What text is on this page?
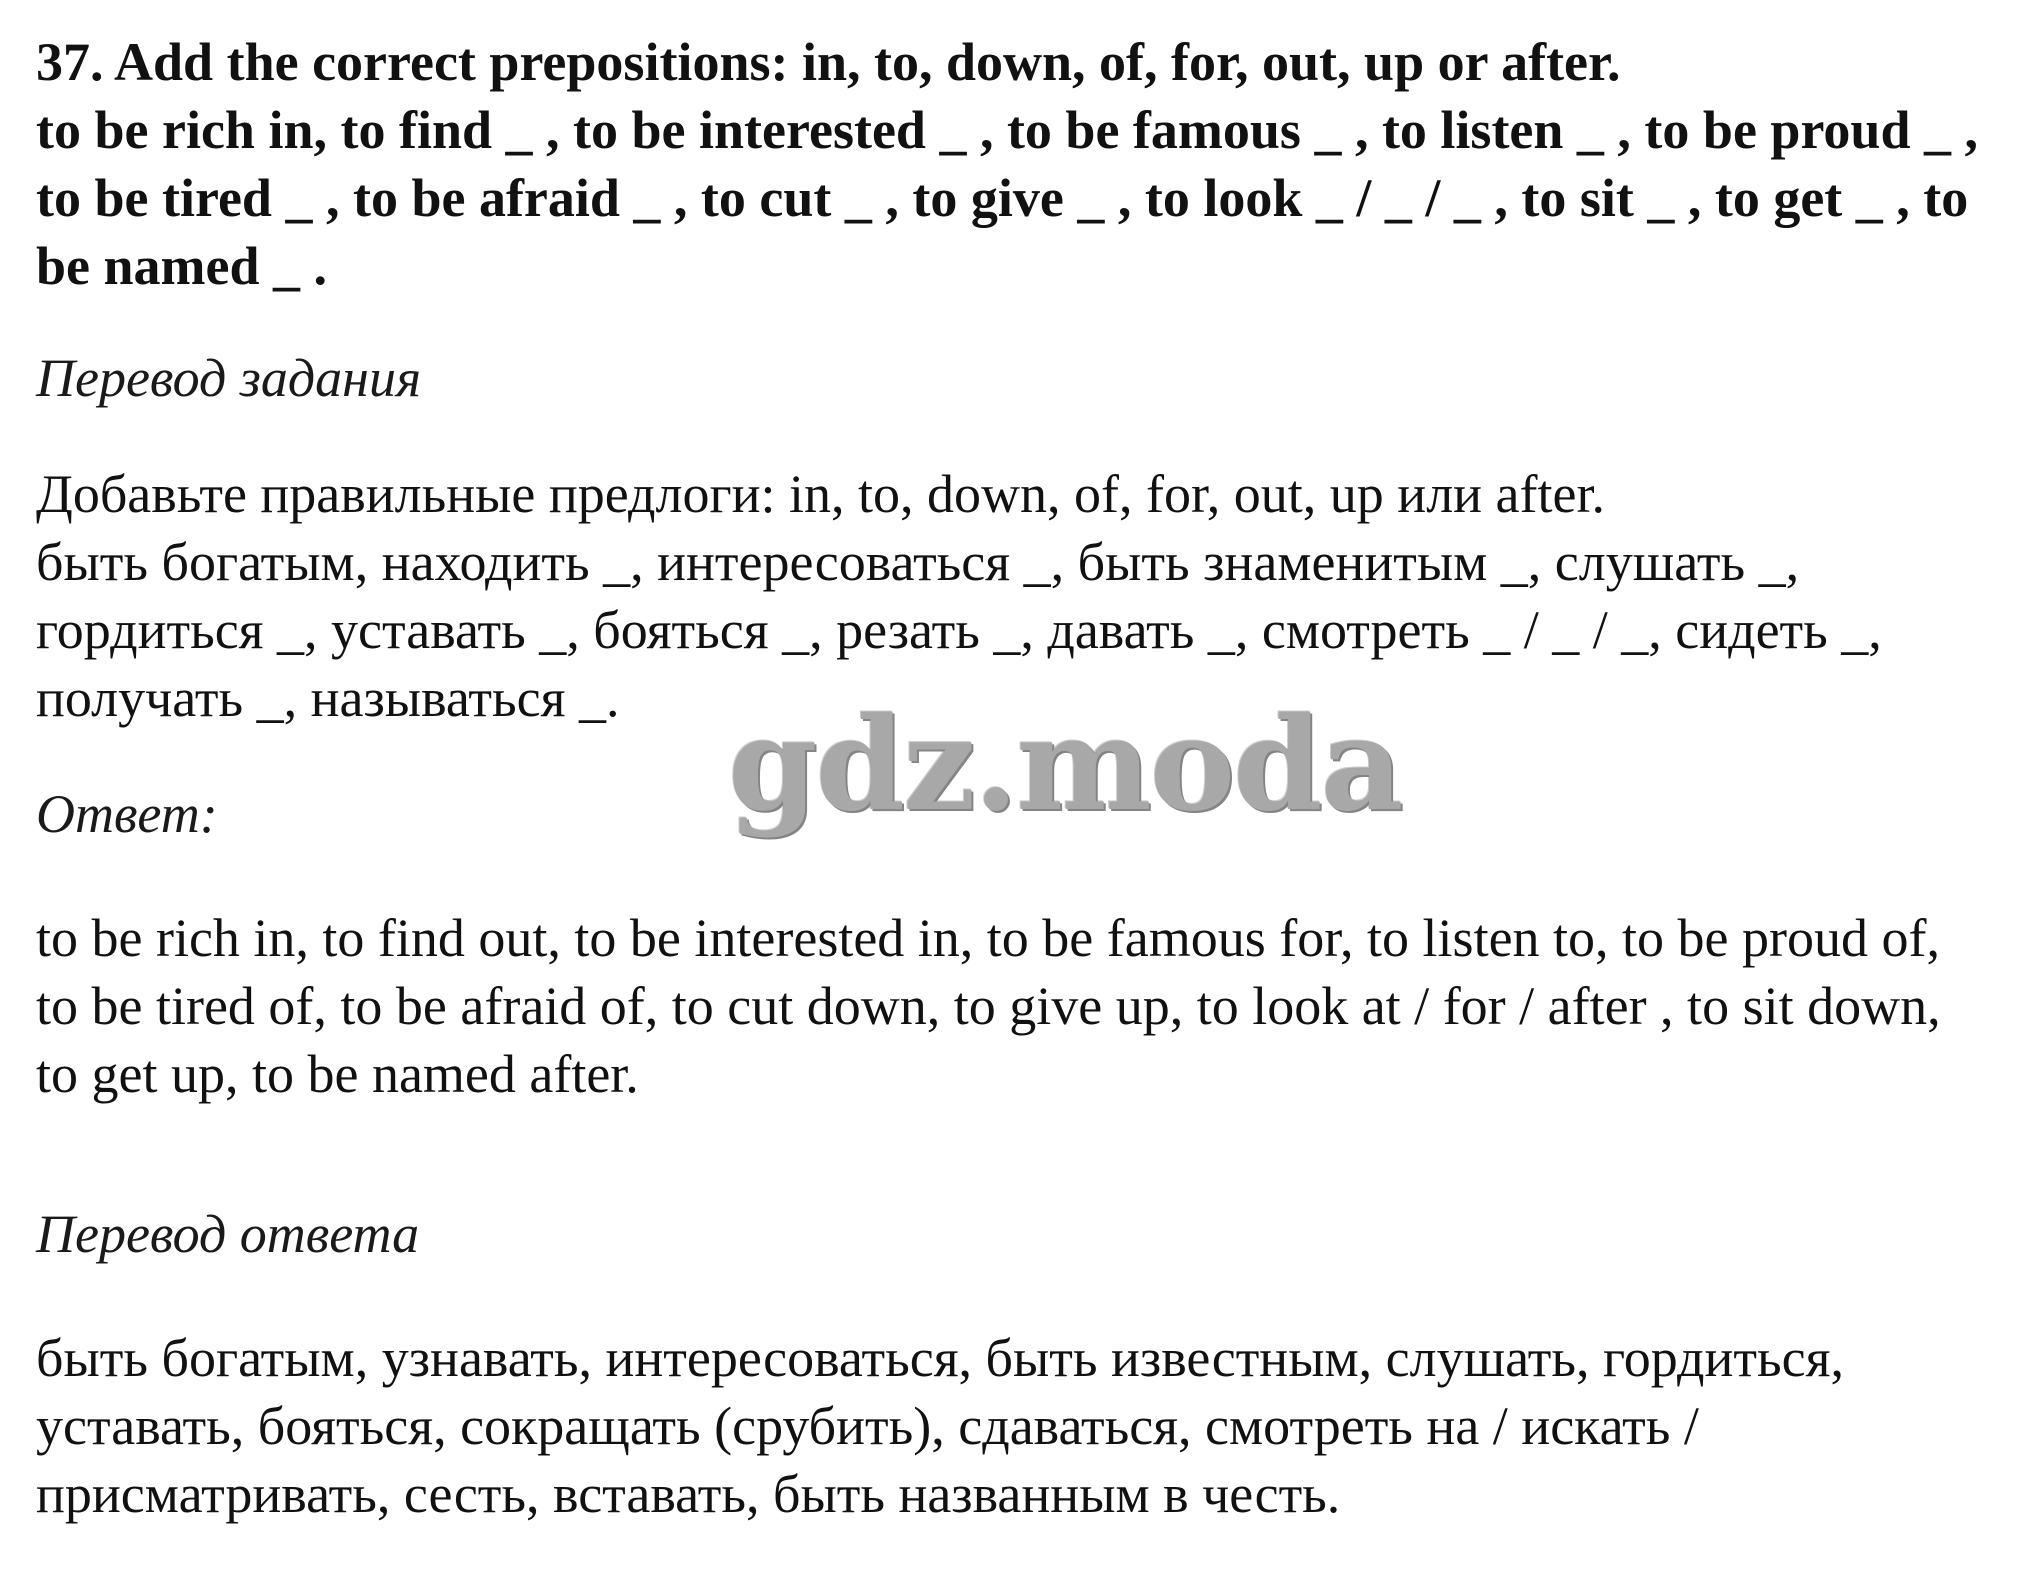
37. Add the correct prepositions: in, to, down, of, for, out, up or after.

to be rich in, to find _ , to be interested _ , to be famous _ , to listen _ , to be proud _ , to be tired _ , to be afraid _ , to cut _ , to give _ , to look _ / _ / _ , to sit _ , to get _ , to be named _ .

Перевод задания

Добавьте правильные предлоги: in, to, down, of, for, out, up или after.

быть богатым, находить _, интересоваться _, быть знаменитым _, слушать _, гордиться _, уставать _, бояться _, резать _, давать _, смотреть _ / _ / _, сидеть _, получать _, называться _.

Ответ:

to be rich in, to find out, to be interested in, to be famous for, to listen to, to be proud of, to be tired of, to be afraid of, to cut down, to give up, to look at / for / after , to sit down, to get up, to be named after.

Перевод ответа

быть богатым, узнавать, интересоваться, быть известным, слушать, гордиться, уставать, бояться, сокращать (срубить), сдаваться, смотреть на / искать / присматривать, сесть, вставать, быть названным в честь.

gdz.moda
